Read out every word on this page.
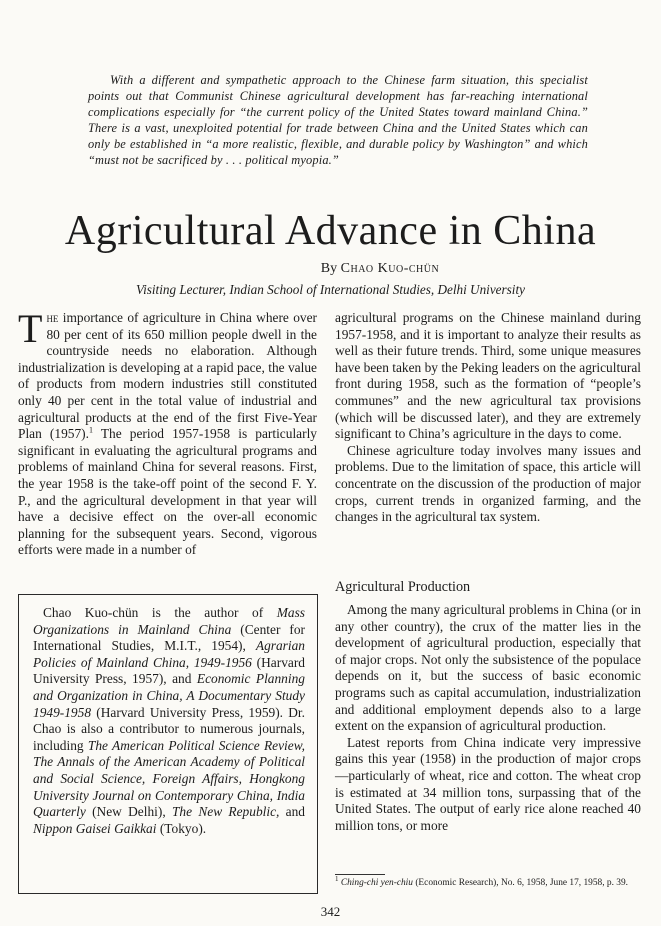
With a different and sympathetic approach to the Chinese farm situation, this specialist points out that Communist Chinese agricultural development has far-reaching international complications especially for “the current policy of the United States toward mainland China.” There is a vast, unexploited potential for trade between China and the United States which can only be established in “a more realistic, flexible, and durable policy by Washington” and which “must not be sacrificed by . . . political myopia.”

Agricultural Advance in China
By Chao Kuo-chün
Visiting Lecturer, Indian School of International Studies, Delhi University

The importance of agriculture in China where over 80 per cent of its 650 million people dwell in the countryside needs no elaboration. Although industrialization is developing at a rapid pace, the value of products from modern industries still constituted only 40 per cent in the total value of industrial and agricultural products at the end of the first Five-Year Plan (1957).$^1$ The period 1957-1958 is particularly significant in evaluating the agricultural programs and problems of mainland China for several reasons. First, the year 1958 is the take-off point of the second F. Y. P., and the agricultural development in that year will have a decisive effect on the over-all economic planning for the subsequent years. Second, vigorous efforts were made in a number of

Chao Kuo-chün is the author of Mass Organizations in Mainland China (Center for International Studies, M.I.T., 1954), Agrarian Policies of Mainland China, 1949-1956 (Harvard University Press, 1957), and Economic Planning and Organization in China, A Documentary Study 1949-1958 (Harvard University Press, 1959). Dr. Chao is also a contributor to numerous journals, including The American Political Science Review, The Annals of the American Academy of Political and Social Science, Foreign Affairs, Hongkong University Journal on Contemporary China, India Quarterly (New Delhi), The New Republic, and Nippon Gaisei Gaikkai (Tokyo).

agricultural programs on the Chinese mainland during 1957-1958, and it is important to analyze their results as well as their future trends. Third, some unique measures have been taken by the Peking leaders on the agricultural front during 1958, such as the formation of “people’s communes” and the new agricultural tax provisions (which will be discussed later), and they are extremely significant to China’s agriculture in the days to come.

Chinese agriculture today involves many issues and problems. Due to the limitation of space, this article will concentrate on the discussion of the production of major crops, current trends in organized farming, and the changes in the agricultural tax system.

Agricultural Production

Among the many agricultural problems in China (or in any other country), the crux of the matter lies in the development of agricultural production, especially that of major crops. Not only the subsistence of the populace depends on it, but the success of basic economic programs such as capital accumulation, industrialization and additional employment depends also to a large extent on the expansion of agricultural production.

Latest reports from China indicate very impressive gains this year (1958) in the production of major crops—particularly of wheat, rice and cotton. The wheat crop is estimated at 34 million tons, surpassing that of the United States. The output of early rice alone reached 40 million tons, or more

$^1$ Ching-chi yen-chiu (Economic Research), No. 6, 1958, June 17, 1958, p. 39.
342
